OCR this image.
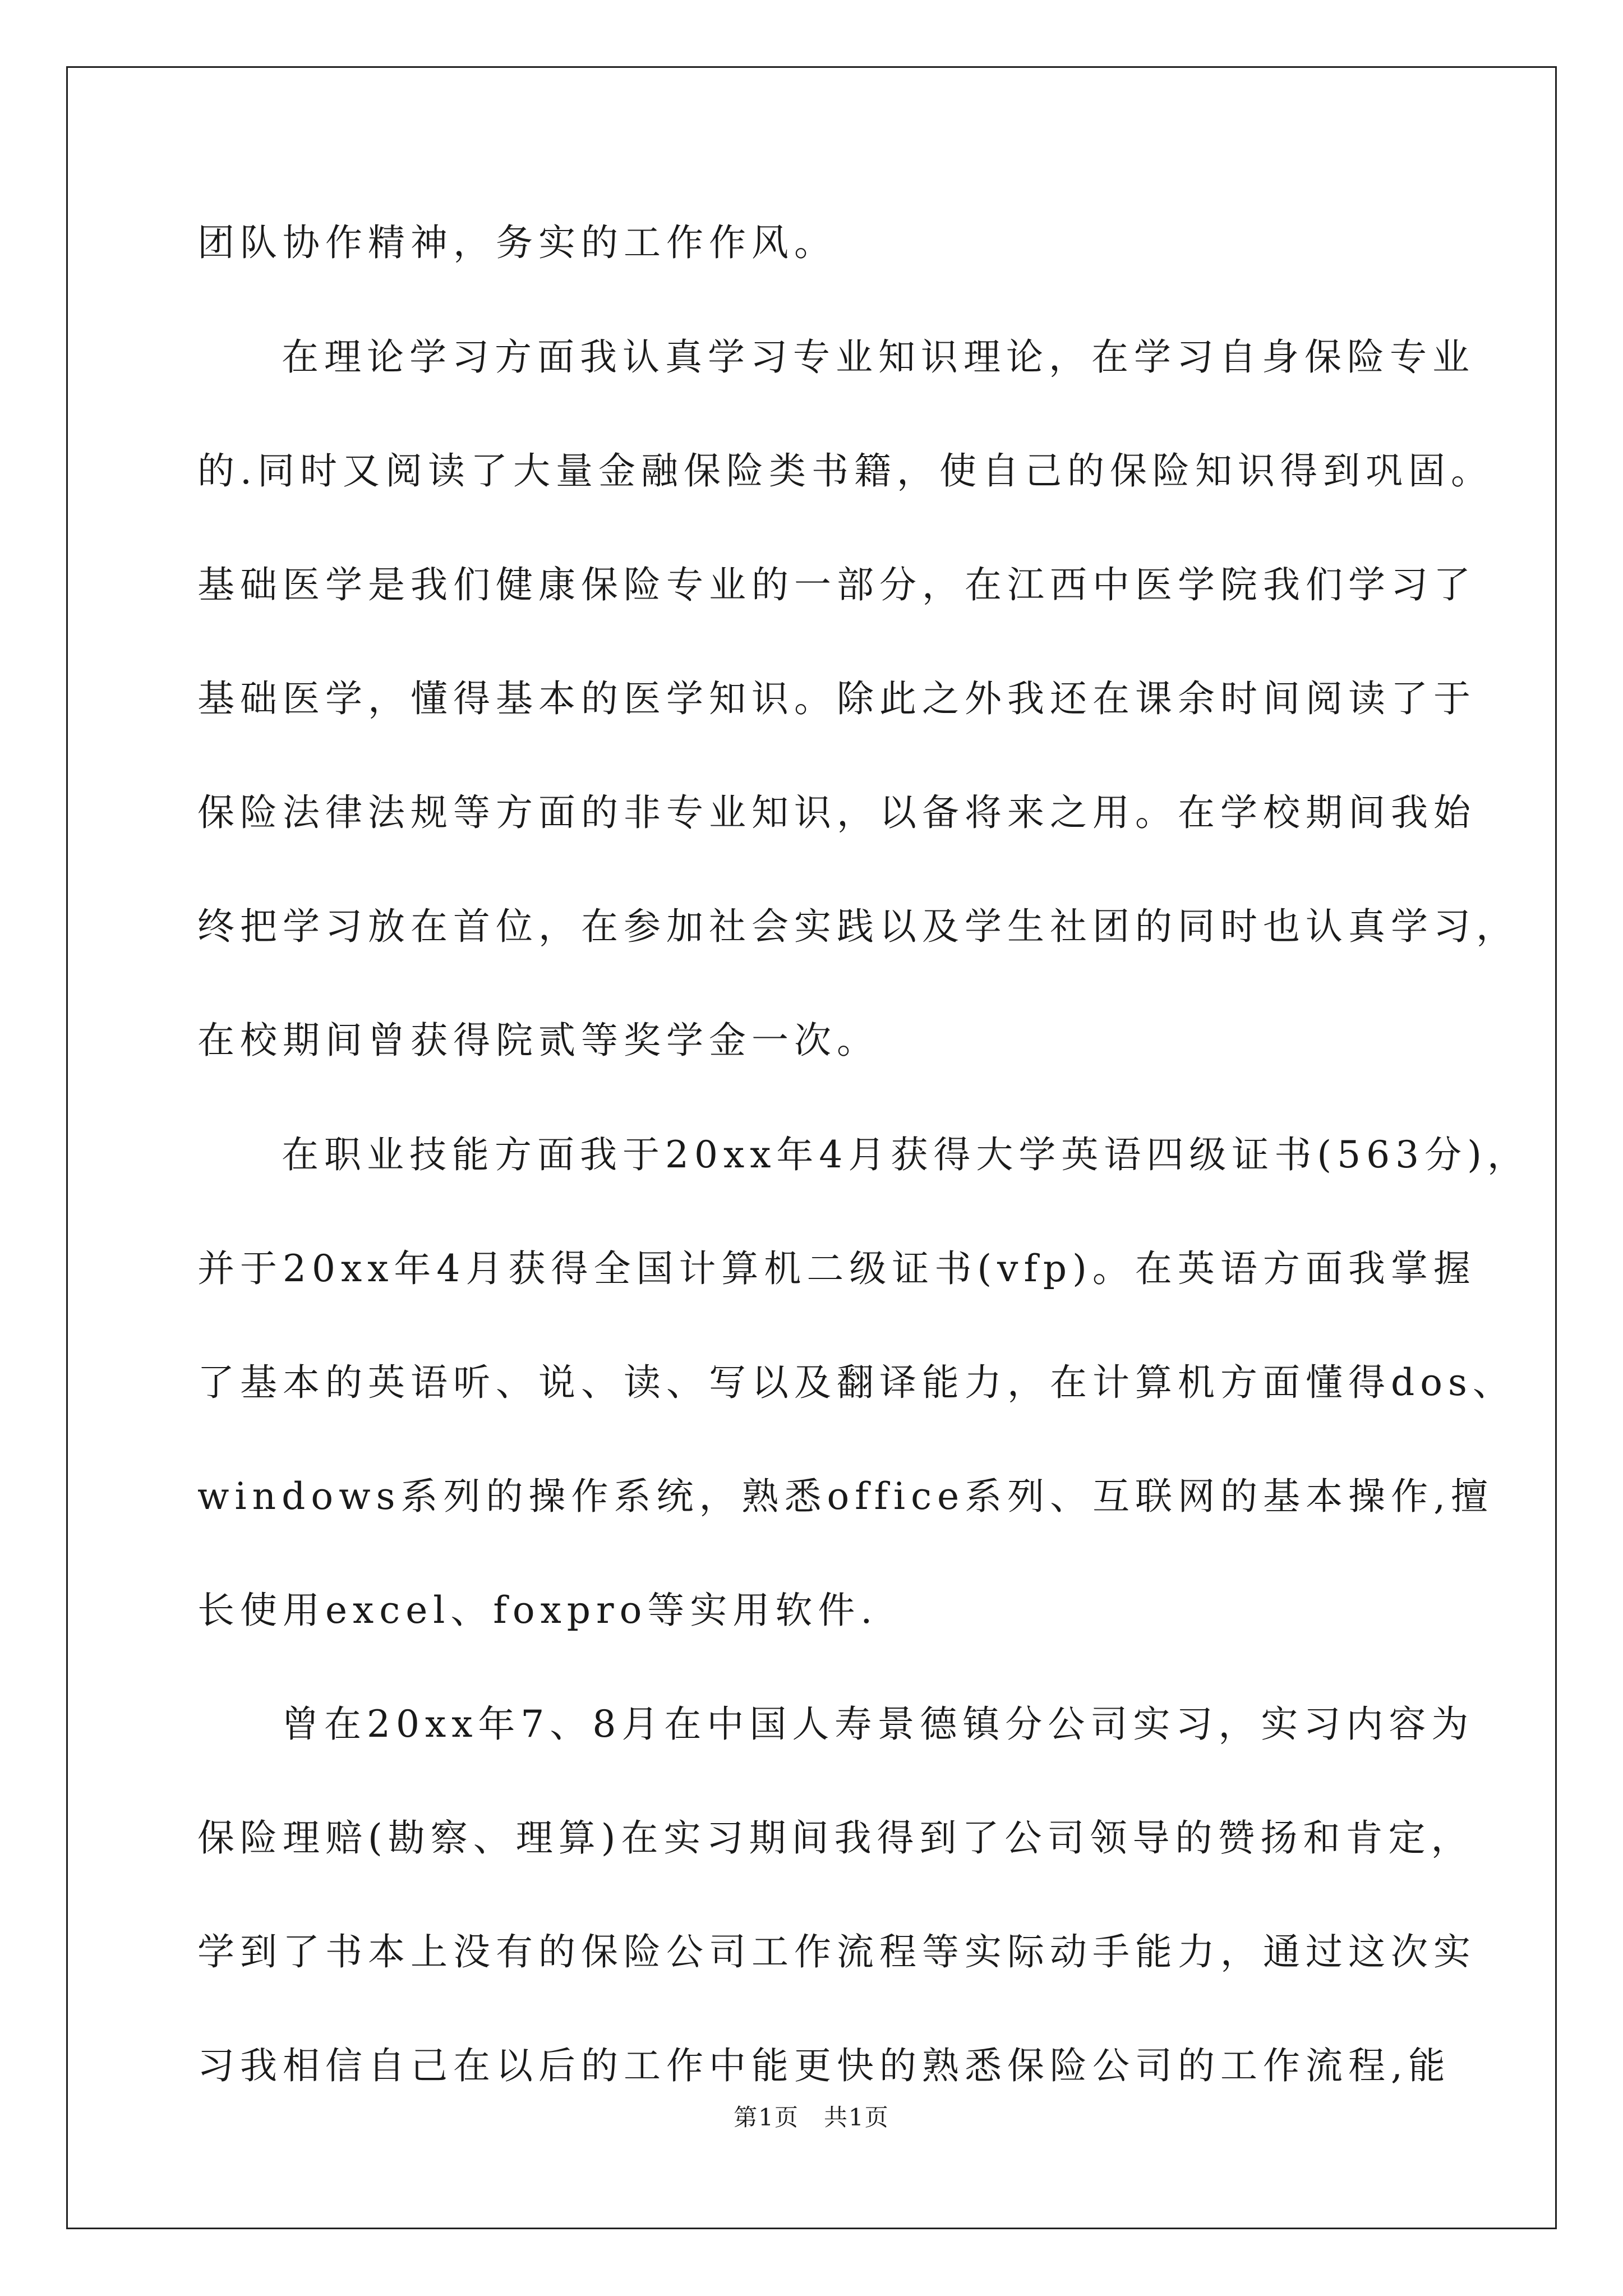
团队协作精神，务实的工作作风。
在理论学习方面我认真学习专业知识理论，在学习自身保险专业
的.同时又阅读了大量金融保险类书籍，使自己的保险知识得到巩固。
基础医学是我们健康保险专业的一部分，在江西中医学院我们学习了
基础医学，懂得基本的医学知识。除此之外我还在课余时间阅读了于
保险法律法规等方面的非专业知识，以备将来之用。在学校期间我始
终把学习放在首位，在参加社会实践以及学生社团的同时也认真学习，
在校期间曾获得院贰等奖学金一次。
在职业技能方面我于20xx年4月获得大学英语四级证书(563分)，
并于20xx年4月获得全国计算机二级证书(vfp)。在英语方面我掌握
了基本的英语听、说、读、写以及翻译能力，在计算机方面懂得dos、
windows系列的操作系统，熟悉office系列、互联网的基本操作,擅
长使用excel、foxpro等实用软件.
曾在20xx年7、8月在中国人寿景德镇分公司实习，实习内容为
保险理赔(勘察、理算)在实习期间我得到了公司领导的赞扬和肯定，
学到了书本上没有的保险公司工作流程等实际动手能力，通过这次实
习我相信自己在以后的工作中能更快的熟悉保险公司的工作流程,能
第1页　共1页
